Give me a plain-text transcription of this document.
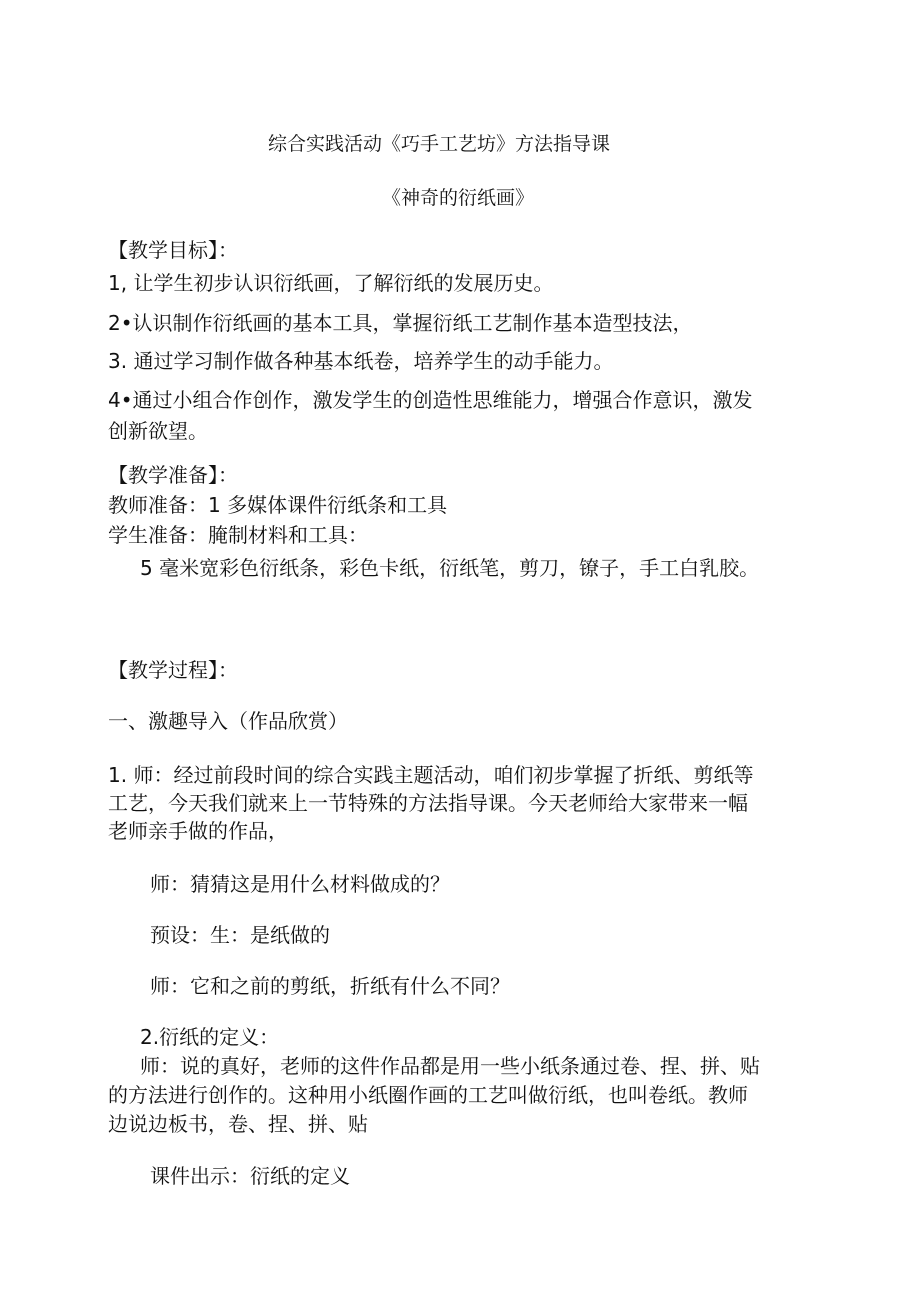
综合实践活动《巧手工艺坊》方法指导课
《神奇的衍纸画》
【教学目标】：
1, 让学生初步认识衍纸画，了解衍纸的发展历史。
2•认识制作衍纸画的基本工具，掌握衍纸工艺制作基本造型技法，
3. 通过学习制作做各种基本纸卷，培养学生的动手能力。
4•通过小组合作创作，激发学生的创造性思维能力，增强合作意识，激发
创新欲望。
【教学准备】：
教师准备：1 多媒体课件衍纸条和工具
学生准备：腌制材料和工具：
5 毫米宽彩色衍纸条，彩色卡纸，衍纸笔，剪刀，镣子，手工白乳胶。
【教学过程】：
一、激趣导入（作品欣赏）
1. 师：经过前段时间的综合实践主题活动，咱们初步掌握了折纸、剪纸等
工艺，今天我们就来上一节特殊的方法指导课。今天老师给大家带来一幅
老师亲手做的作品，
师：猜猜这是用什么材料做成的？
预设：生：是纸做的
师：它和之前的剪纸，折纸有什么不同？
2.衍纸的定义：
师：说的真好，老师的这件作品都是用一些小纸条通过卷、捏、拼、贴
的方法进行创作的。这种用小纸圈作画的工艺叫做衍纸，也叫卷纸。教师
边说边板书，卷、捏、拼、贴
课件出示：衍纸的定义
